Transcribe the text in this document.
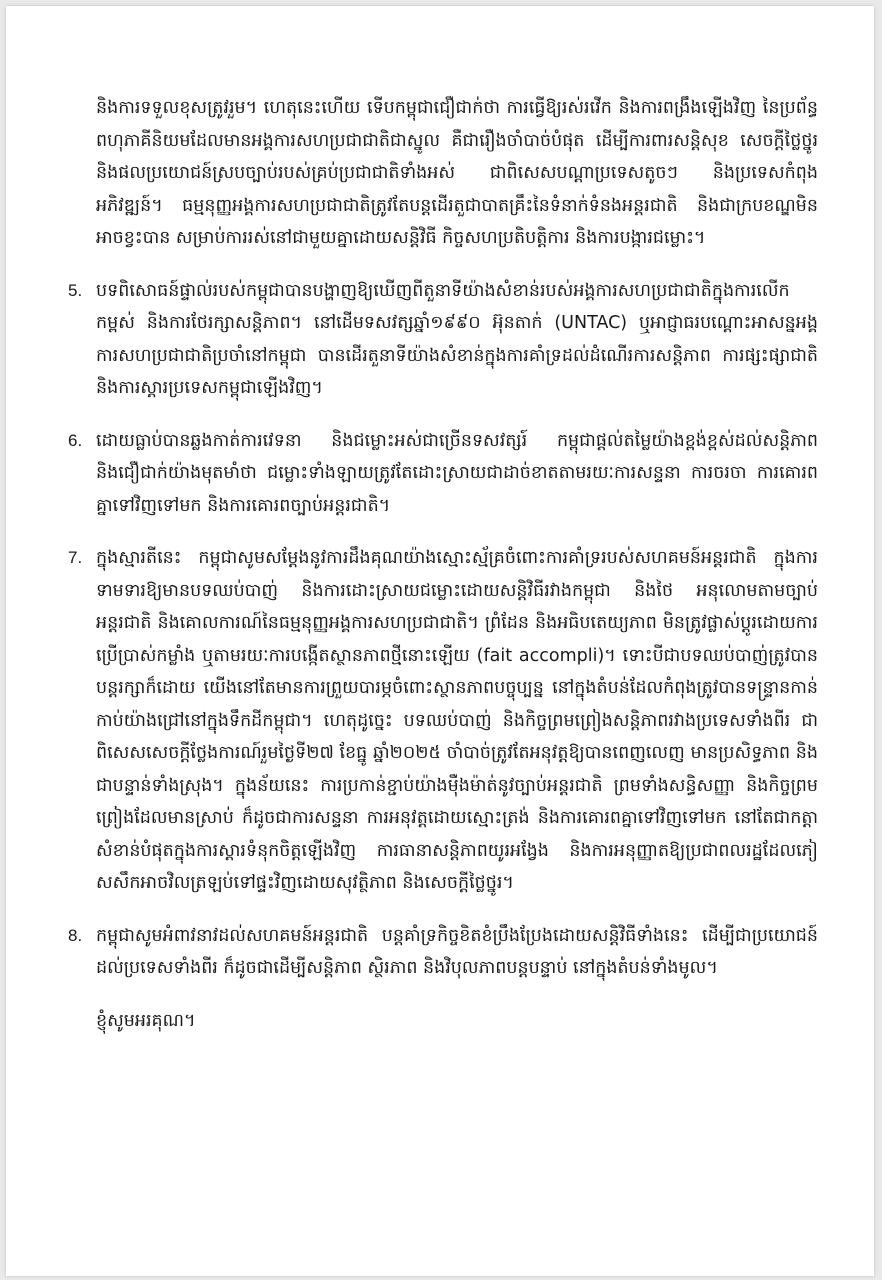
និងការទទួលខុសត្រូវរួម។ ហេតុនេះហើយ ទើបកម្ពុជាជឿជាក់ថា ការធ្វើឱ្យរស់រវើក និងការពង្រឹងឡើងវិញ នៃប្រព័ន្ធពហុភាគីនិយមដែលមានអង្គការសហប្រជាជាតិជាស្នូល គឺជារឿងចាំបាច់បំផុត ដើម្បីការពារសន្តិសុខ សេចក្តីថ្លៃថ្នូរ និងផលប្រយោជន៍ស្របច្បាប់របស់គ្រប់ប្រជាជាតិទាំងអស់ ជាពិសេសបណ្តាប្រទេសតូចៗ និងប្រទេសកំពុងអភិវឌ្ឍន៍។ ធម្មនុញ្ញអង្គការសហប្រជាជាតិត្រូវតែបន្តដើរតួជាបាតគ្រឹះនៃទំនាក់ទំនងអន្តរជាតិ និងជាក្របខណ្ឌមិនអាចខ្វះបាន សម្រាប់ការរស់នៅជាមួយគ្នាដោយសន្តិវិធី កិច្ចសហប្រតិបត្តិការ និងការបង្ការជម្លោះ។

5. បទពិសោធន៍ផ្ទាល់របស់កម្ពុជាបានបង្ហាញឱ្យឃើញពីតួនាទីយ៉ាងសំខាន់របស់អង្គការសហប្រជាជាតិក្នុងការលើកកម្ពស់ និងការថែរក្សាសន្តិភាព។ នៅដើមទសវត្សឆ្នាំ១៩៩០ អ៊ុនតាក់ (UNTAC) ឬអាជ្ញាធរបណ្តោះអាសន្នអង្គការសហប្រជាជាតិប្រចាំនៅកម្ពុជា បានដើរតួនាទីយ៉ាងសំខាន់ក្នុងការគាំទ្រដល់ដំណើរការសន្តិភាព ការផ្សះផ្សាជាតិ និងការស្តារប្រទេសកម្ពុជាឡើងវិញ។
6. ដោយធ្លាប់បានឆ្លងកាត់ការវេទនា និងជម្លោះអស់ជាច្រើនទសវត្សរ៍ កម្ពុជាផ្តល់តម្លៃយ៉ាងខ្ពង់ខ្ពស់ដល់សន្តិភាព និងជឿជាក់យ៉ាងមុតមាំថា ជម្លោះទាំងឡាយត្រូវតែដោះស្រាយជាដាច់ខាតតាមរយៈការសន្ទនា ការចរចា ការគោរពគ្នាទៅវិញទៅមក និងការគោរពច្បាប់អន្តរជាតិ។
7. ក្នុងស្មារតីនេះ កម្ពុជាសូមសម្តែងនូវការដឹងគុណយ៉ាងស្មោះស្ម័គ្រចំពោះការគាំទ្ររបស់សហគមន៍អន្តរជាតិ ក្នុងការទាមទារឱ្យមានបទឈប់បាញ់ និងការដោះស្រាយជម្លោះដោយសន្តិវិធីរវាងកម្ពុជា និងថៃ អនុលោមតាមច្បាប់អន្តរជាតិ និងគោលការណ៍នៃធម្មនុញ្ញអង្គការសហប្រជាជាតិ។ ព្រំដែន និងអធិបតេយ្យភាព មិនត្រូវផ្លាស់ប្តូរដោយការប្រើប្រាស់កម្លាំង ឬតាមរយៈការបង្កើតស្ថានភាពថ្មីនោះឡើយ (fait accompli)។ ទោះបីជាបទឈប់បាញ់ត្រូវបានបន្តរក្សាក៏ដោយ យើងនៅតែមានការព្រួយបារម្ភចំពោះស្ថានភាពបច្ចុប្បន្ន នៅក្នុងតំបន់ដែលកំពុងត្រូវបានទន្ទ្រានកាន់កាប់យ៉ាងជ្រៅនៅក្នុងទឹកដីកម្ពុជា។ ហេតុដូច្នេះ បទឈប់បាញ់ និងកិច្ចព្រមព្រៀងសន្តិភាពរវាងប្រទេសទាំងពីរ ជាពិសេសសេចក្តីថ្លែងការណ៍រួមថ្ងៃទី២៧ ខែធ្នូ ឆ្នាំ២០២៥ ចាំបាច់ត្រូវតែអនុវត្តឱ្យបានពេញលេញ មានប្រសិទ្ធភាព និងជាបន្ទាន់ទាំងស្រុង។ ក្នុងន័យនេះ ការប្រកាន់ខ្ជាប់យ៉ាងម៉ឺងម៉ាត់នូវច្បាប់អន្តរជាតិ ព្រមទាំងសន្ធិសញ្ញា និងកិច្ចព្រមព្រៀងដែលមានស្រាប់ ក៏ដូចជាការសន្ទនា ការអនុវត្តដោយស្មោះត្រង់ និងការគោរពគ្នាទៅវិញទៅមក នៅតែជាកត្តាសំខាន់បំផុតក្នុងការស្តារទំនុកចិត្តឡើងវិញ ការធានាសន្តិភាពយូរអង្វែង និងការអនុញ្ញាតឱ្យប្រជាពលរដ្ឋដែលភៀសសឹកអាចវិលត្រឡប់ទៅផ្ទះវិញដោយសុវត្ថិភាព និងសេចក្តីថ្លៃថ្នូរ។
8. កម្ពុជាសូមអំពាវនាវដល់សហគមន៍អន្តរជាតិ បន្តគាំទ្រកិច្ចខិតខំប្រឹងប្រែងដោយសន្តិវិធីទាំងនេះ ដើម្បីជាប្រយោជន៍ដល់ប្រទេសទាំងពីរ ក៏ដូចជាដើម្បីសន្តិភាព ស្ថិរភាព និងវិបុលភាពបន្តបន្ទាប់ នៅក្នុងតំបន់ទាំងមូល។

ខ្ញុំសូមអរគុណ។
